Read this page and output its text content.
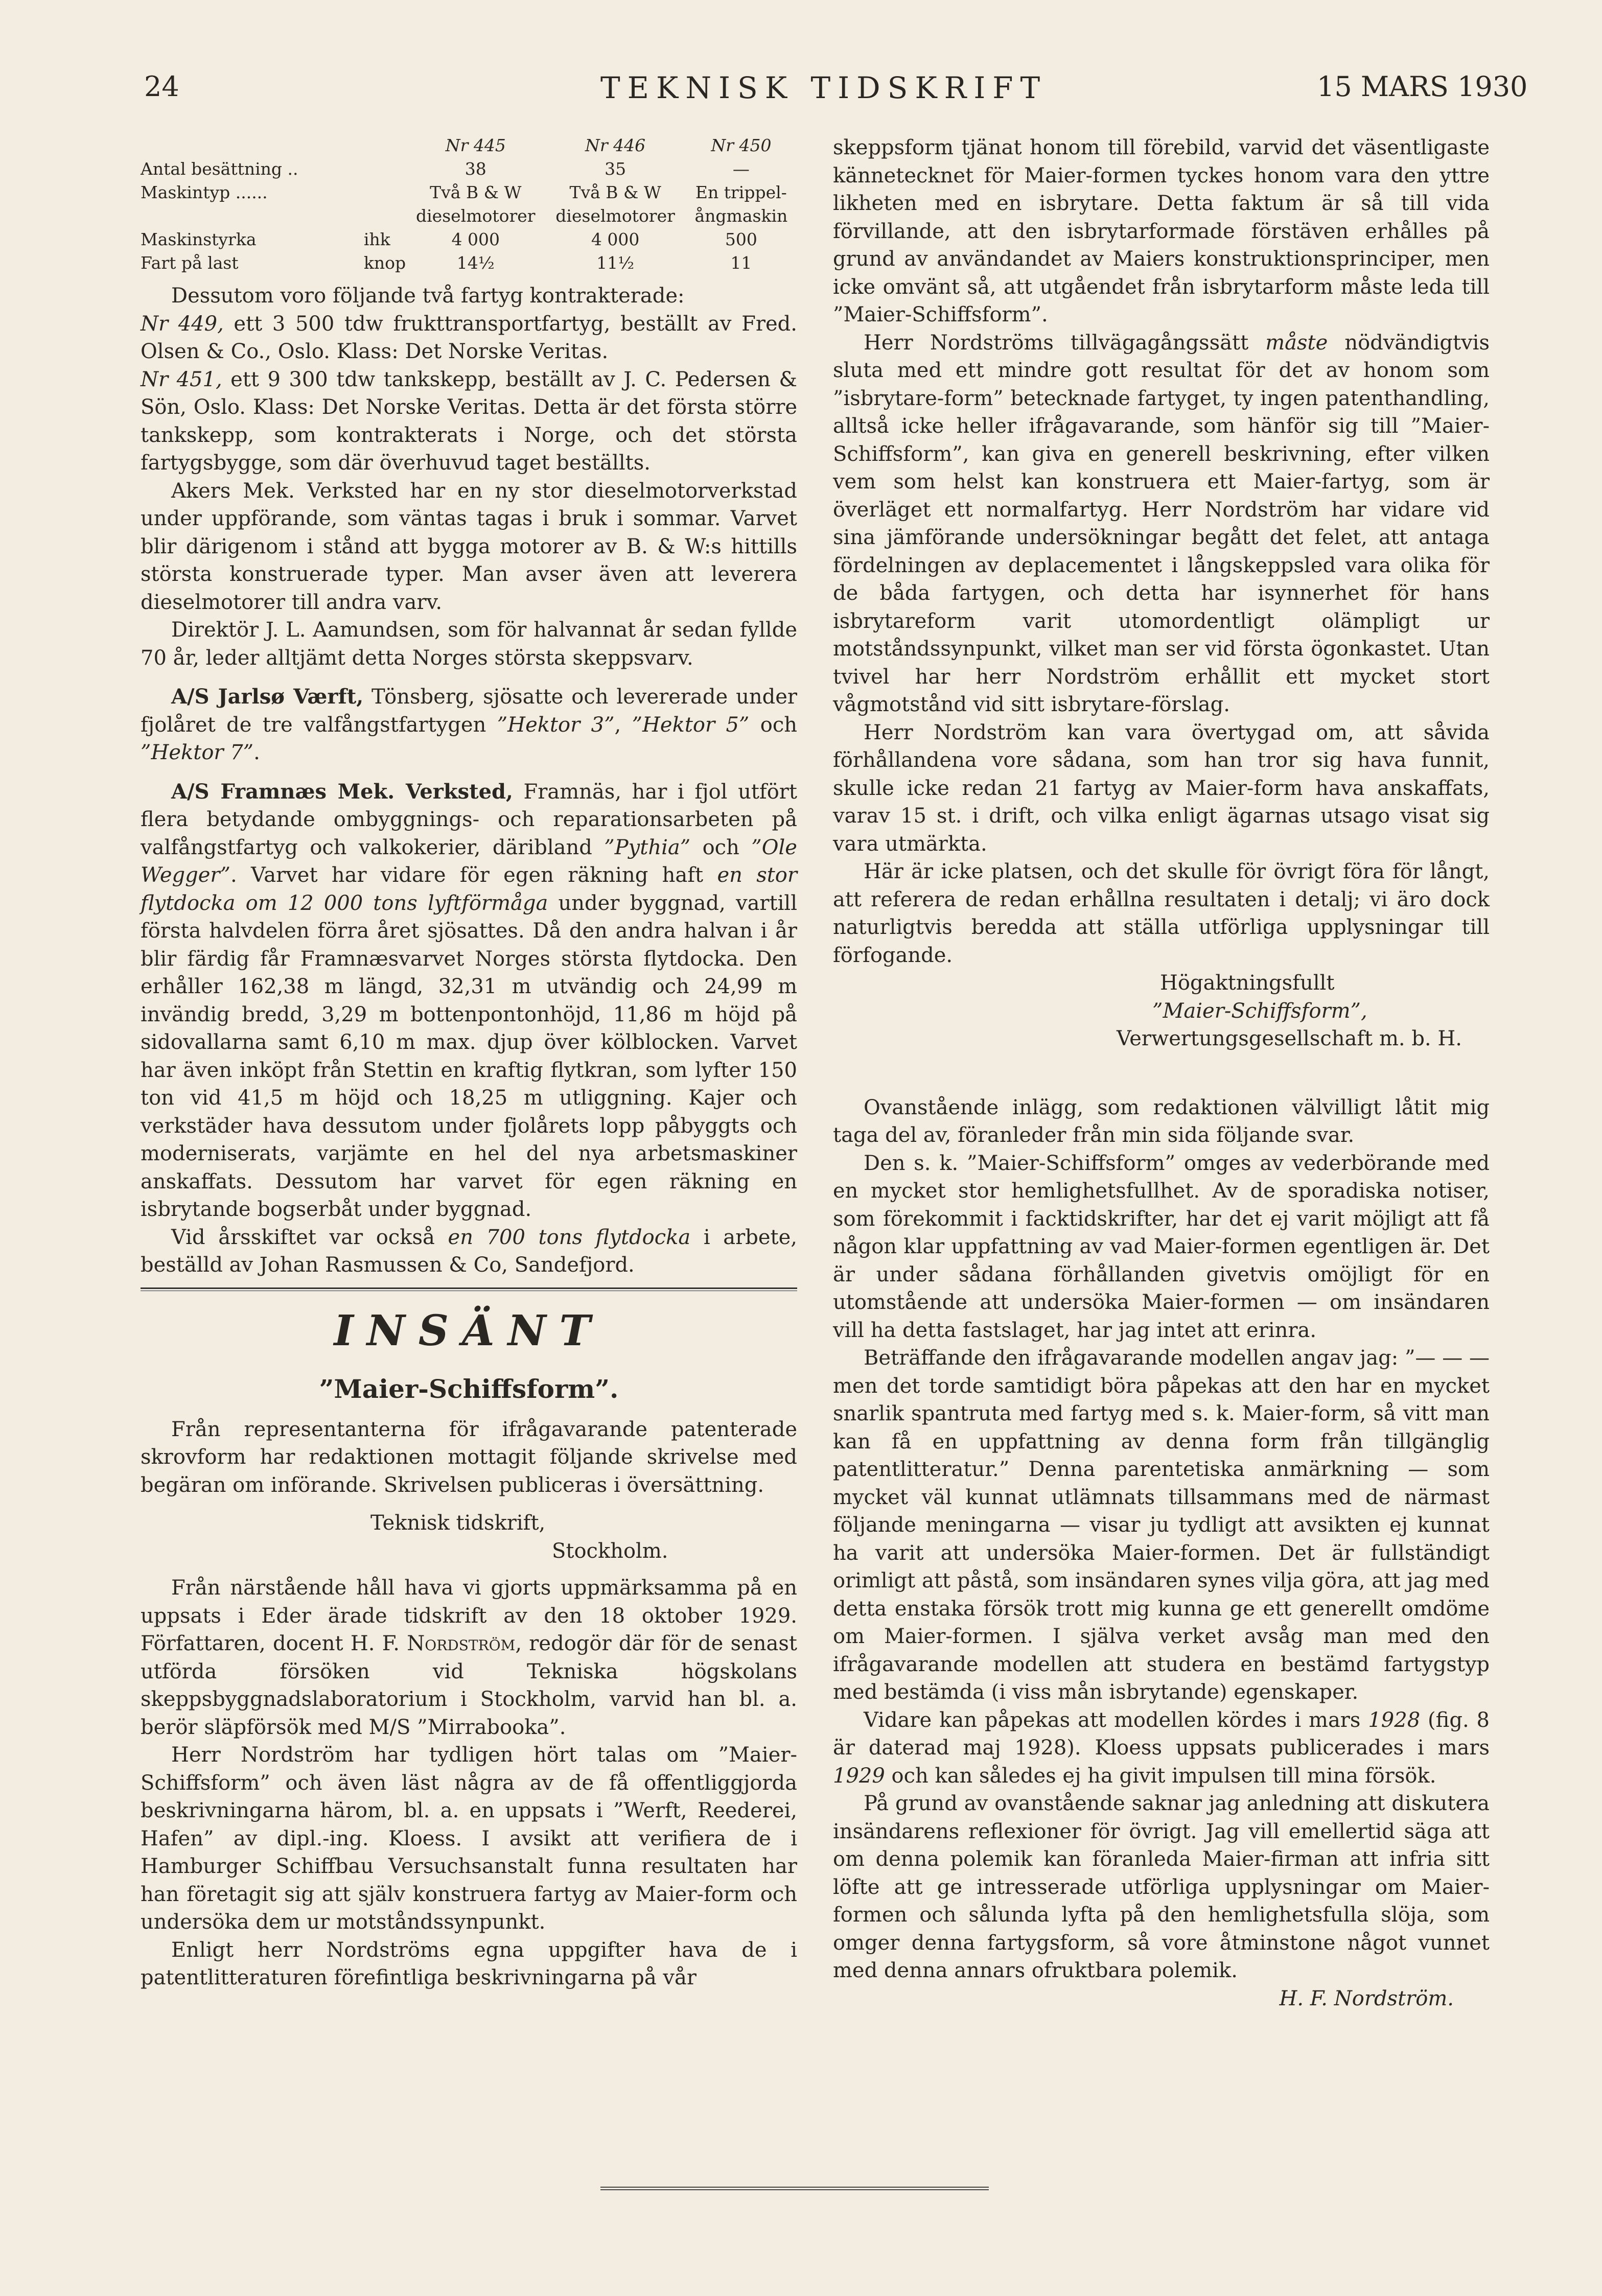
24	TEKNISK TIDSKRIFT	15 MARS 1930
		Nr 445	Nr 446	Nr 450
Antal besättning ..		38	35	—
Maskintyp ......		Två B & W dieselmotorer	Två B & W dieselmotorer	En trippel-ångmaskin
Maskinstyrka	ihk	4 000	4 000	500
Fart på last	knop	14½	11½	11

Dessutom voro följande två fartyg kontrakterade:

Nr 449, ett 3 500 tdw frukttransportfartyg, beställt av Fred. Olsen & Co., Oslo. Klass: Det Norske Veritas.

Nr 451, ett 9 300 tdw tankskepp, beställt av J. C. Pedersen & Sön, Oslo. Klass: Det Norske Veritas. Detta är det första större tankskepp, som kontrakterats i Norge, och det största fartygsbygge, som där överhuvud taget beställts.

Akers Mek. Verksted har en ny stor dieselmotorverkstad under uppförande, som väntas tagas i bruk i sommar. Varvet blir därigenom i stånd att bygga motorer av B. & W:s hittills största konstruerade typer. Man avser även att leverera dieselmotorer till andra varv.

Direktör J. L. Aamundsen, som för halvannat år sedan fyllde 70 år, leder alltjämt detta Norges största skeppsvarv.

A/S Jarlsø Værft, Tönsberg, sjösatte och levererade under fjolåret de tre valfångstfartygen ”Hektor 3”, ”Hektor 5” och ”Hektor 7”.

A/S Framnæs Mek. Verksted, Framnäs, har i fjol utfört flera betydande ombyggnings- och reparationsarbeten på valfångstfartyg och valkokerier, däribland ”Pythia” och ”Ole Wegger”. Varvet har vidare för egen räkning haft en stor flytdocka om 12 000 tons lyftförmåga under byggnad, vartill första halvdelen förra året sjösattes. Då den andra halvan i år blir färdig får Framnæsvarvet Norges största flytdocka. Den erhåller 162,38 m längd, 32,31 m utvändig och 24,99 m invändig bredd, 3,29 m bottenpontonhöjd, 11,86 m höjd på sidovallarna samt 6,10 m max. djup över kölblocken. Varvet har även inköpt från Stettin en kraftig flytkran, som lyfter 150 ton vid 41,5 m höjd och 18,25 m utliggning. Kajer och verkstäder hava dessutom under fjolårets lopp påbyggts och moderniserats, varjämte en hel del nya arbetsmaskiner anskaffats. Dessutom har varvet för egen räkning en isbrytande bogserbåt under byggnad.

Vid årsskiftet var också en 700 tons flytdocka i arbete, beställd av Johan Rasmussen & Co, Sandefjord.

INSÄNT
”Maier-Schiffsform”.

Från representanterna för ifrågavarande patenterade skrovform har redaktionen mottagit följande skrivelse med begäran om införande. Skrivelsen publiceras i översättning.

Teknisk tidskrift,

Stockholm.

Från närstående håll hava vi gjorts uppmärksamma på en uppsats i Eder ärade tidskrift av den 18 oktober 1929. Författaren, docent H. F. Nordström, redogör där för de senast utförda försöken vid Tekniska högskolans skeppsbyggnadslaboratorium i Stockholm, varvid han bl. a. berör släpförsök med M/S ”Mirrabooka”.

Herr Nordström har tydligen hört talas om ”Maier-Schiffsform” och även läst några av de få offentliggjorda beskrivningarna härom, bl. a. en uppsats i ”Werft, Reederei, Hafen” av dipl.-ing. Kloess. I avsikt att verifiera de i Hamburger Schiffbau Versuchsanstalt funna resultaten har han företagit sig att själv konstruera fartyg av Maier-form och undersöka dem ur motståndssynpunkt.

Enligt herr Nordströms egna uppgifter hava de i patentlitteraturen förefintliga beskrivningarna på vår

skeppsform tjänat honom till förebild, varvid det väsentligaste kännetecknet för Maier-formen tyckes honom vara den yttre likheten med en isbrytare. Detta faktum är så till vida förvillande, att den isbrytarformade förstäven erhålles på grund av användandet av Maiers konstruktionsprinciper, men icke omvänt så, att utgåendet från isbrytarform måste leda till ”Maier-Schiffsform”.

Herr Nordströms tillvägagångssätt måste nödvändigtvis sluta med ett mindre gott resultat för det av honom som ”isbrytare-form” betecknade fartyget, ty ingen patenthandling, alltså icke heller ifrågavarande, som hänför sig till ”Maier-Schiffsform”, kan giva en generell beskrivning, efter vilken vem som helst kan konstruera ett Maier-fartyg, som är överläget ett normalfartyg. Herr Nordström har vidare vid sina jämförande undersökningar begått det felet, att antaga fördelningen av deplacementet i långskeppsled vara olika för de båda fartygen, och detta har isynnerhet för hans isbrytareform varit utomordentligt olämpligt ur motståndssynpunkt, vilket man ser vid första ögonkastet. Utan tvivel har herr Nordström erhållit ett mycket stort vågmotstånd vid sitt isbrytare-förslag.

Herr Nordström kan vara övertygad om, att såvida förhållandena vore sådana, som han tror sig hava funnit, skulle icke redan 21 fartyg av Maier-form hava anskaffats, varav 15 st. i drift, och vilka enligt ägarnas utsago visat sig vara utmärkta.

Här är icke platsen, och det skulle för övrigt föra för långt, att referera de redan erhållna resultaten i detalj; vi äro dock naturligtvis beredda att ställa utförliga upplysningar till förfogande.

Högaktningsfullt

”Maier-Schiffsform”,

Verwertungsgesellschaft m. b. H.

Ovanstående inlägg, som redaktionen välvilligt låtit mig taga del av, föranleder från min sida följande svar.

Den s. k. ”Maier-Schiffsform” omges av vederbörande med en mycket stor hemlighetsfullhet. Av de sporadiska notiser, som förekommit i facktidskrifter, har det ej varit möjligt att få någon klar uppfattning av vad Maier-formen egentligen är. Det är under sådana förhållanden givetvis omöjligt för en utomstående att undersöka Maier-formen — om insändaren vill ha detta fastslaget, har jag intet att erinra.

Beträffande den ifrågavarande modellen angav jag: ”— — — men det torde samtidigt böra påpekas att den har en mycket snarlik spantruta med fartyg med s. k. Maier-form, så vitt man kan få en uppfattning av denna form från tillgänglig patentlitteratur.” Denna parentetiska anmärkning — som mycket väl kunnat utlämnats tillsammans med de närmast följande meningarna — visar ju tydligt att avsikten ej kunnat ha varit att undersöka Maier-formen. Det är fullständigt orimligt att påstå, som insändaren synes vilja göra, att jag med detta enstaka försök trott mig kunna ge ett generellt omdöme om Maier-formen. I själva verket avsåg man med den ifrågavarande modellen att studera en bestämd fartygstyp med bestämda (i viss mån isbrytande) egenskaper.

Vidare kan påpekas att modellen kördes i mars 1928 (fig. 8 är daterad maj 1928). Kloess uppsats publicerades i mars 1929 och kan således ej ha givit impulsen till mina försök.

På grund av ovanstående saknar jag anledning att diskutera insändarens reflexioner för övrigt. Jag vill emellertid säga att om denna polemik kan föranleda Maier-firman att infria sitt löfte att ge intresserade utförliga upplysningar om Maier-formen och sålunda lyfta på den hemlighetsfulla slöja, som omger denna fartygsform, så vore åtminstone något vunnet med denna annars ofruktbara polemik.

H. F. Nordström.
